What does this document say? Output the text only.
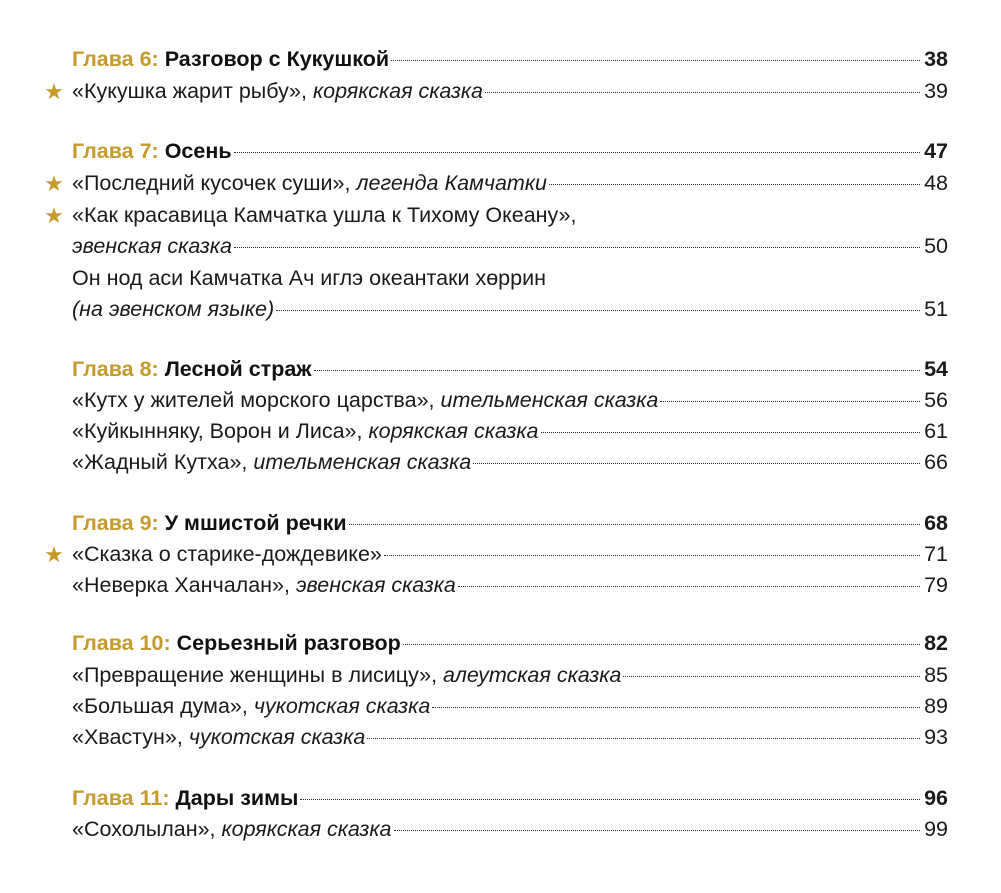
Глава 6: Разговор с Кукушкой	38
★ «Кукушка жарит рыбу», корякская сказка	39
Глава 7: Осень	47
★ «Последний кусочек суши», легенда Камчатки	48
★ «Как красавица Камчатка ушла к Тихому Океану»,
эвенская сказка	50
Он нод аси Камчатка Ач иглэ океантаки хөррин
(на эвенском языке)	51
Глава 8: Лесной страж	54
«Кутх у жителей морского царства», ительменская сказка	56
«Куйкынняку, Ворон и Лиса», корякская сказка	61
«Жадный Кутха», ительменская сказка	66
Глава 9: У мшистой речки	68
★ «Сказка о старике-дождевике»	71
«Неверка Ханчалан», эвенская сказка	79
Глава 10: Серьезный разговор	82
«Превращение женщины в лисицу», алеутская сказка	85
«Большая дума», чукотская сказка	89
«Хвастун», чукотская сказка	93
Глава 11: Дары зимы	96
«Сохолылан», корякская сказка	99
